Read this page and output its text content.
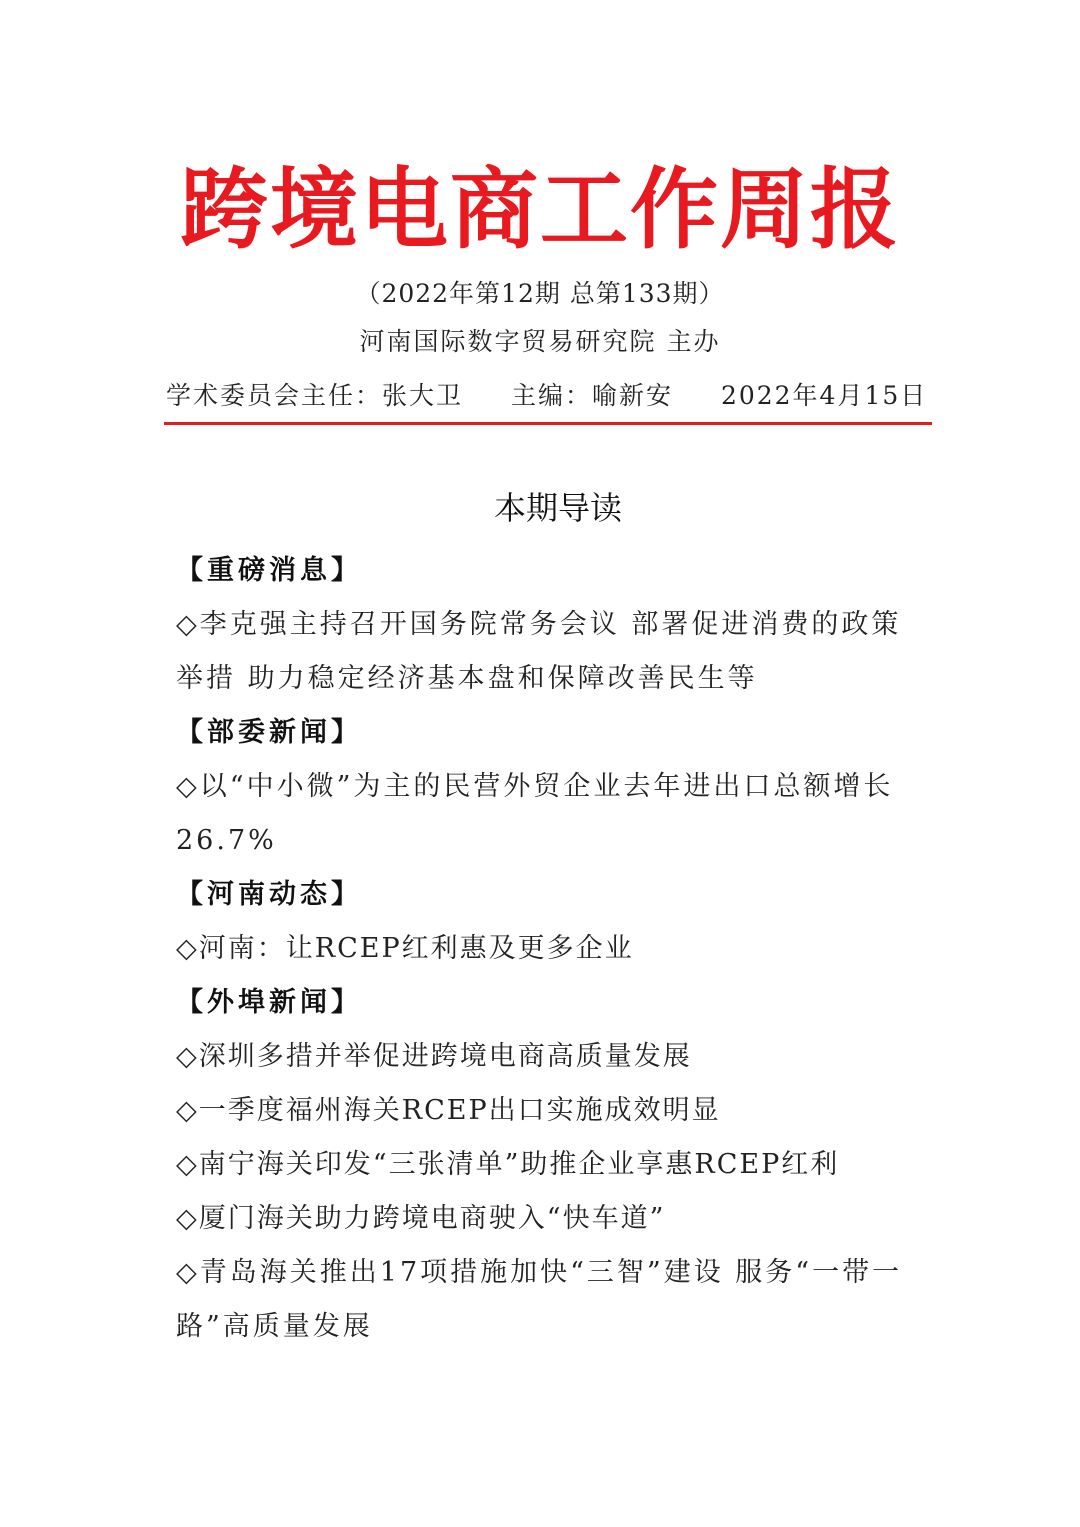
跨境电商工作周报
（2022年第12期 总第133期）
河南国际数字贸易研究院 主办
学术委员会主任：张大卫 主编：喻新安 2022年4月15日
本期导读
【重磅消息】
◇李克强主持召开国务院常务会议 部署促进消费的政策举措 助力稳定经济基本盘和保障改善民生等
【部委新闻】
◇以“中小微”为主的民营外贸企业去年进出口总额增长26.7%
【河南动态】
◇河南：让RCEP红利惠及更多企业
【外埠新闻】
◇深圳多措并举促进跨境电商高质量发展
◇一季度福州海关RCEP出口实施成效明显
◇南宁海关印发“三张清单”助推企业享惠RCEP红利
◇厦门海关助力跨境电商驶入“快车道”
◇青岛海关推出17项措施加快“三智”建设 服务“一带一路”高质量发展
